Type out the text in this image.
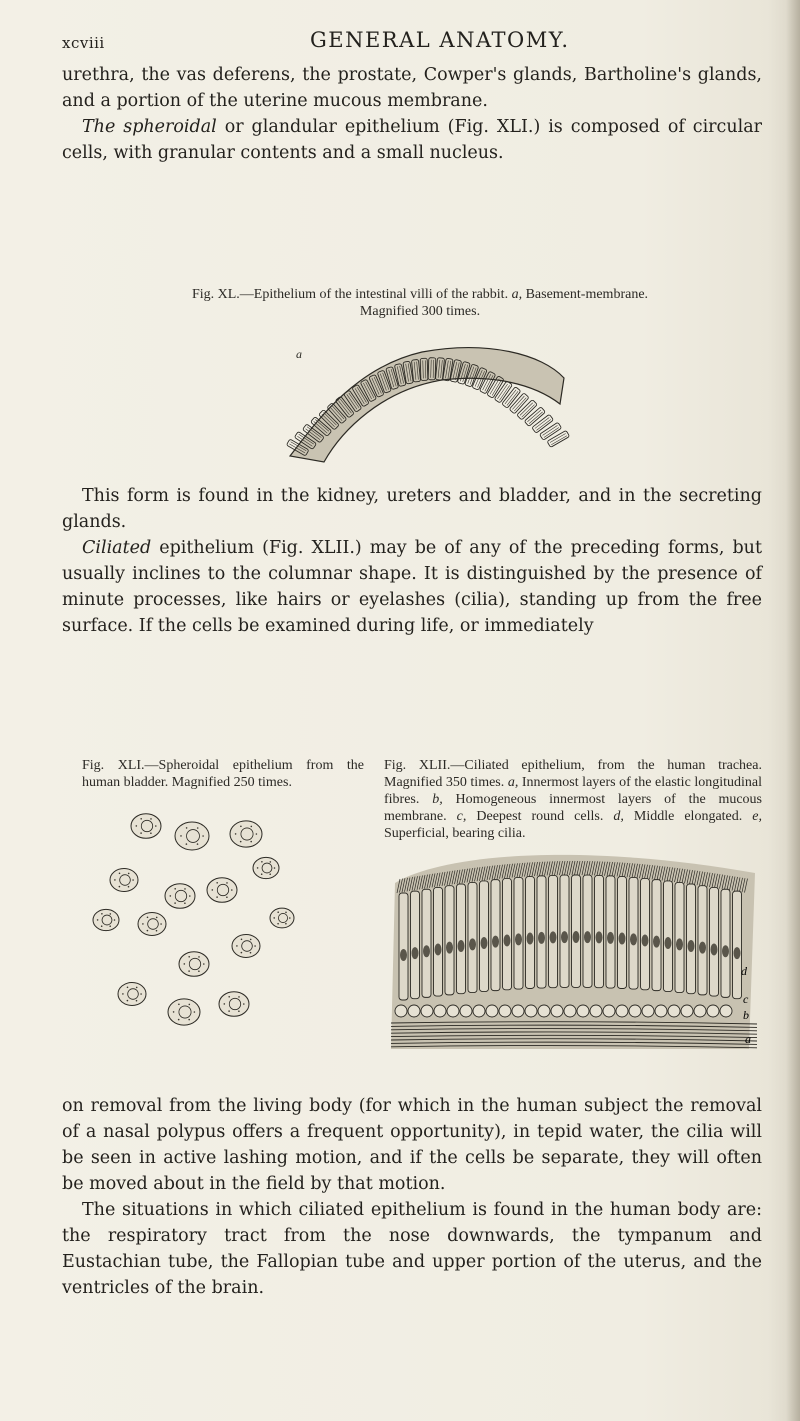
xcviii	GENERAL ANATOMY.
urethra, the vas deferens, the prostate, Cowper's glands, Bartholine's glands, and a portion of the uterine mucous membrane.
The spheroidal or glandular epithelium (Fig. XLI.) is composed of circular cells, with granular contents and a small nucleus.

Fig. XL.—Epithelium of the intestinal villi of the rabbit. a, Basement-membrane.
Magnified 300 times.

a
This form is found in the kidney, ureters and bladder, and in the secreting glands.
Ciliated epithelium (Fig. XLII.) may be of any of the preceding forms, but usually inclines to the columnar shape. It is distinguished by the presence of minute processes, like hairs or eyelashes (cilia), standing up from the free surface. If the cells be examined during life, or immediately

Fig. XLI.—Spheroidal epithelium from the human bladder. Magnified 250 times.

Fig. XLII.—Ciliated epithelium, from the human trachea. Magnified 350 times. a, Innermost layers of the elastic longitudinal fibres. b, Homogeneous innermost layers of the mucous membrane. c, Deepest round cells. d, Middle elongated. e, Superficial, bearing cilia.

d
c
b
a
on removal from the living body (for which in the human subject the removal of a nasal polypus offers a frequent opportunity), in tepid water, the cilia will be seen in active lashing motion, and if the cells be separate, they will often be moved about in the field by that motion.
The situations in which ciliated epithelium is found in the human body are: the respiratory tract from the nose downwards, the tympanum and Eustachian tube, the Fallopian tube and upper portion of the uterus, and the ventricles of the brain.
